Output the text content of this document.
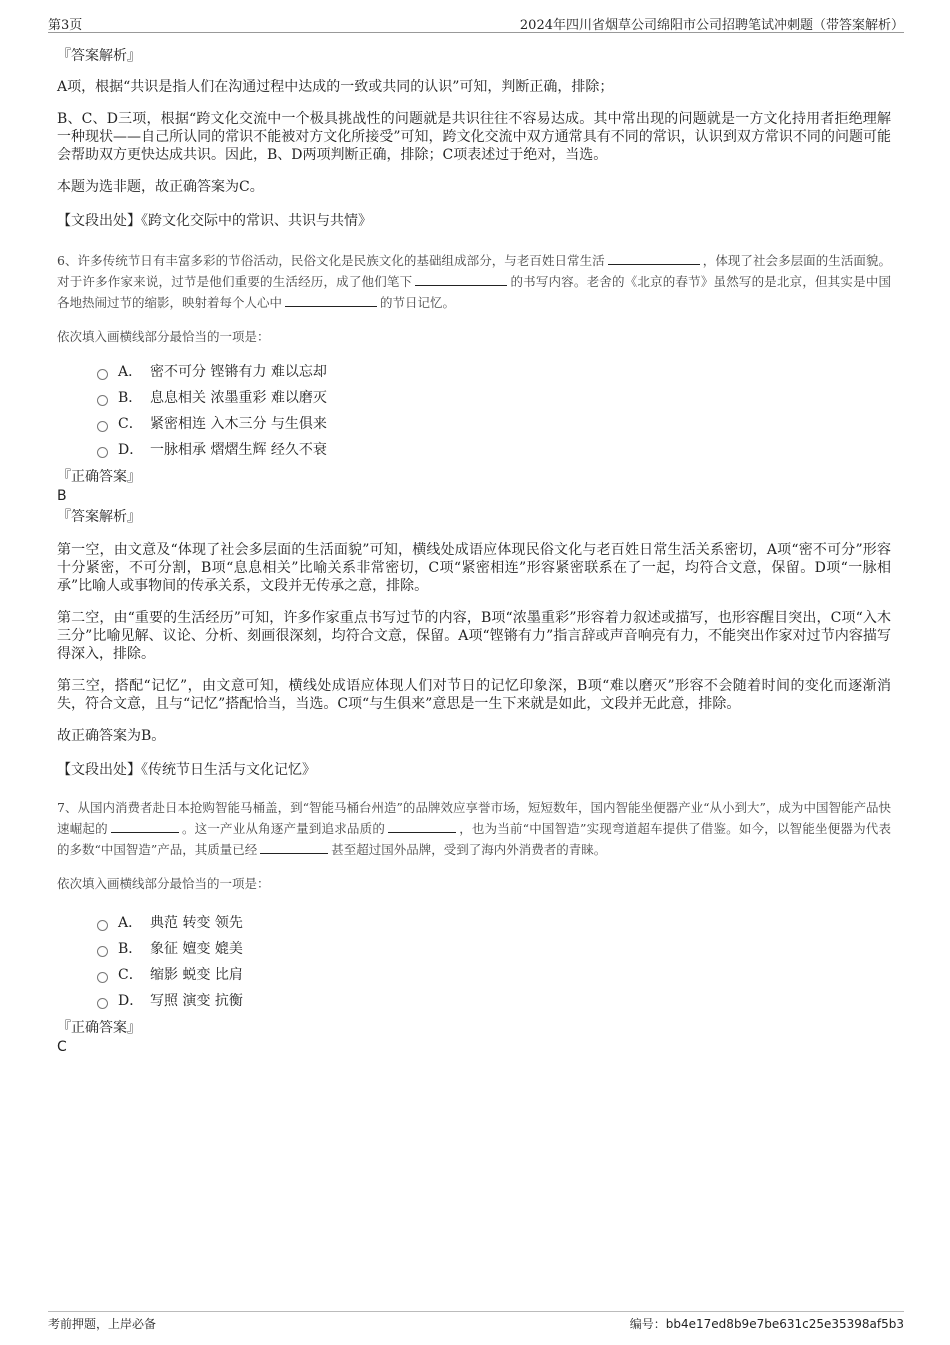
第3页	2024年四川省烟草公司绵阳市公司招聘笔试冲刺题（带答案解析）
『答案解析』

A项，根据“共识是指人们在沟通过程中达成的一致或共同的认识”可知，判断正确，排除；

B、C、D三项，根据“跨文化交流中一个极具挑战性的问题就是共识往往不容易达成。其中常出现的问题就是一方文化持用者拒绝理解一种现状——自己所认同的常识不能被对方文化所接受”可知，跨文化交流中双方通常具有不同的常识，认识到双方常识不同的问题可能会帮助双方更快达成共识。因此，B、D两项判断正确，排除；C项表述过于绝对，当选。

本题为选非题，故正确答案为C。

【文段出处】《跨文化交际中的常识、共识与共情》

6、许多传统节日有丰富多彩的节俗活动，民俗文化是民族文化的基础组成部分，与老百姓日常生活	，体现了社会多层面的生活面貌。对于许多作家来说，过节是他们重要的生活经历，成了他们笔下	的书写内容。老舍的《北京的春节》虽然写的是北京，但其实是中国各地热闹过节的缩影，映射着每个人心中	的节日记忆。

依次填入画横线部分最恰当的一项是：

A． 密不可分 铿锵有力 难以忘却
B． 息息相关 浓墨重彩 难以磨灭
C． 紧密相连 入木三分 与生俱来
D． 一脉相承 熠熠生辉 经久不衰
『正确答案』
B
『答案解析』

第一空，由文意及“体现了社会多层面的生活面貌”可知，横线处成语应体现民俗文化与老百姓日常生活关系密切，A项“密不可分”形容十分紧密，不可分割，B项“息息相关”比喻关系非常密切，C项“紧密相连”形容紧密联系在了一起，均符合文意，保留。D项“一脉相承”比喻人或事物间的传承关系，文段并无传承之意，排除。

第二空，由“重要的生活经历”可知，许多作家重点书写过节的内容，B项“浓墨重彩”形容着力叙述或描写，也形容醒目突出，C项“入木三分”比喻见解、议论、分析、刻画很深刻，均符合文意，保留。A项“铿锵有力”指言辞或声音响亮有力，不能突出作家对过节内容描写得深入，排除。

第三空，搭配“记忆”，由文意可知，横线处成语应体现人们对节日的记忆印象深，B项“难以磨灭”形容不会随着时间的变化而逐渐消失，符合文意，且与“记忆”搭配恰当，当选。C项“与生俱来”意思是一生下来就是如此，文段并无此意，排除。

故正确答案为B。

【文段出处】《传统节日生活与文化记忆》

7、从国内消费者赴日本抢购智能马桶盖，到“智能马桶台州造”的品牌效应享誉市场，短短数年，国内智能坐便器产业“从小到大”，成为中国智能产品快速崛起的	。这一产业从角逐产量到追求品质的	，也为当前“中国智造”实现弯道超车提供了借鉴。如今，以智能坐便器为代表的多数“中国智造”产品，其质量已经	甚至超过国外品牌，受到了海内外消费者的青睐。

依次填入画横线部分最恰当的一项是：

A． 典范 转变 领先
B． 象征 嬗变 媲美
C． 缩影 蜕变 比肩
D． 写照 演变 抗衡
『正确答案』
C
考前押题，上岸必备	编号：bb4e17ed8b9e7be631c25e35398af5b3
